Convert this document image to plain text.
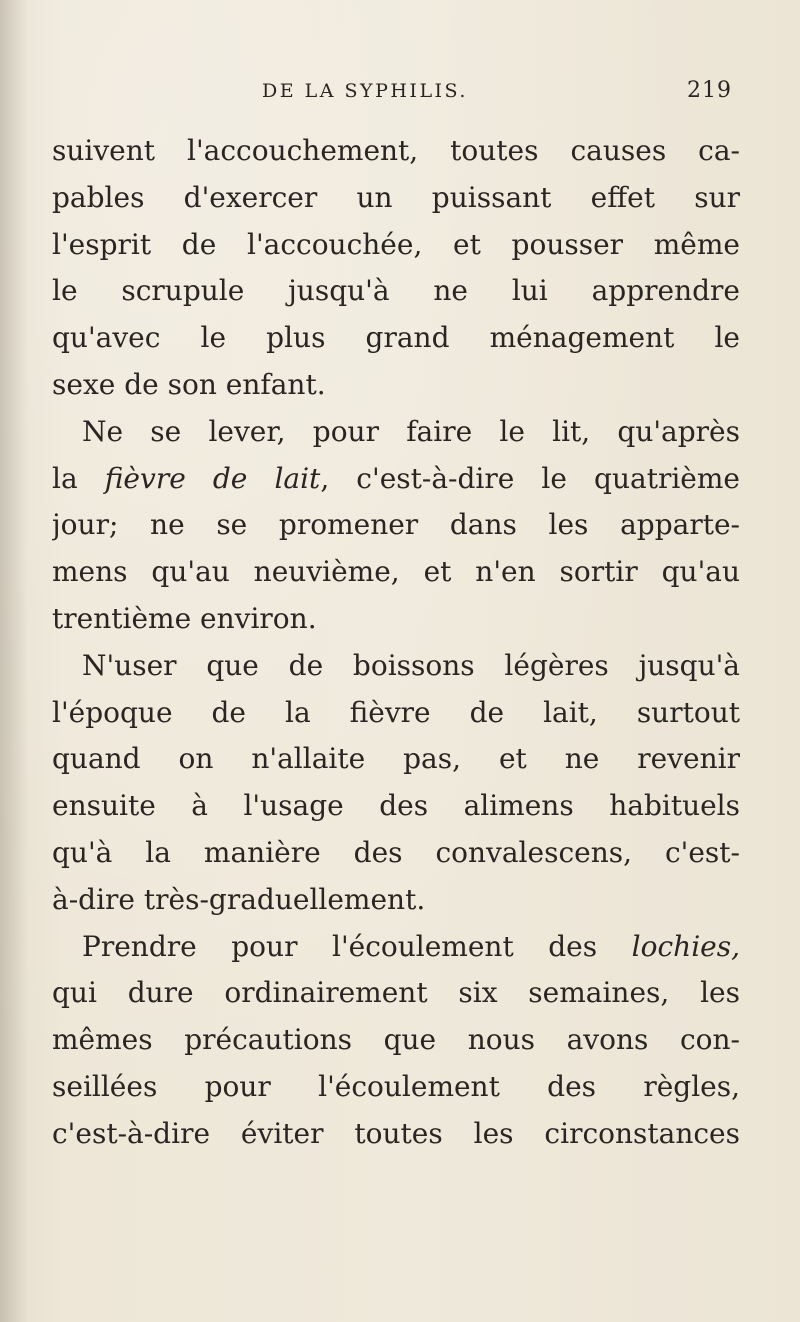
DE LA SYPHILIS.	219
suivent l'accouchement, toutes causes ca-
pables d'exercer un puissant effet sur
l'esprit de l'accouchée, et pousser même
le scrupule jusqu'à ne lui apprendre
qu'avec le plus grand ménagement le
sexe de son enfant.
Ne se lever, pour faire le lit, qu'après
la fièvre de lait, c'est-à-dire le quatrième
jour; ne se promener dans les apparte-
mens qu'au neuvième, et n'en sortir qu'au
trentième environ.
N'user que de boissons légères jusqu'à
l'époque de la fièvre de lait, surtout
quand on n'allaite pas, et ne revenir
ensuite à l'usage des alimens habituels
qu'à la manière des convalescens, c'est-
à-dire très-graduellement.
Prendre pour l'écoulement des lochies,
qui dure ordinairement six semaines, les
mêmes précautions que nous avons con-
seillées pour l'écoulement des règles,
c'est-à-dire éviter toutes les circonstances
